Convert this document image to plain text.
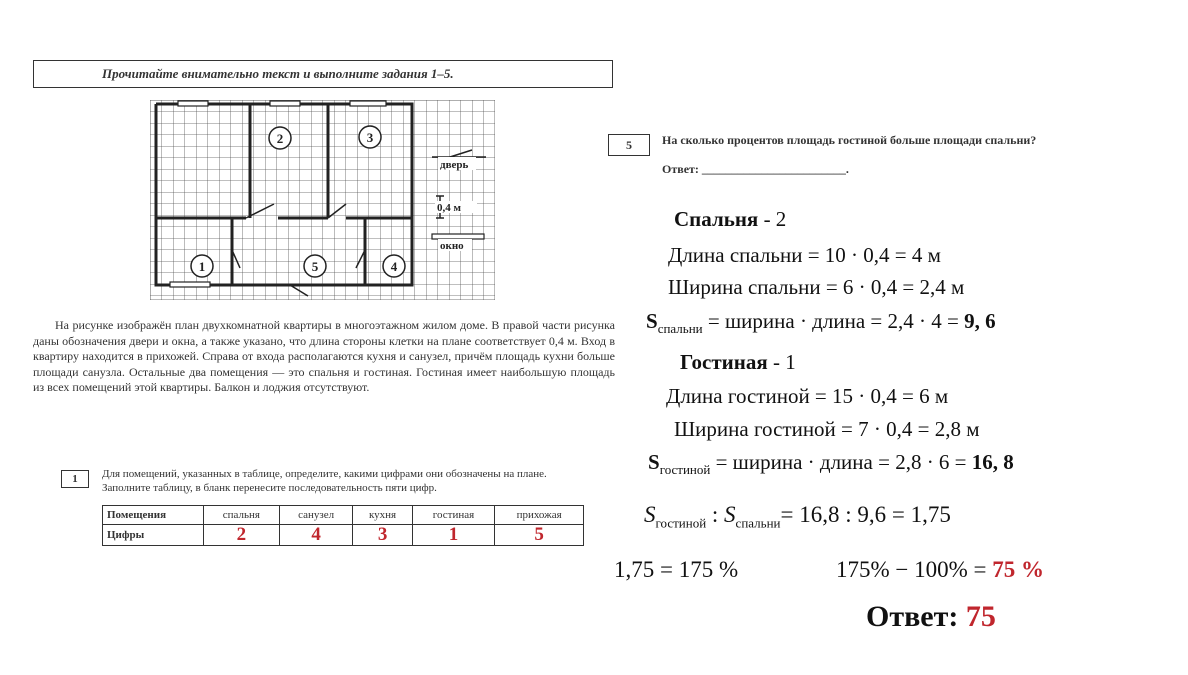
Прочитайте внимательно текст и выполните задания 1–5.
1
2	3
4
5
дверь
0,4 м
окно

На рисунке изображён план двухкомнатной квартиры в многоэтажном жилом доме. В правой части рисунка даны обозначения двери и окна, а также указано, что длина стороны клетки на плане соответствует 0,4 м. Вход в квартиру находится в прихожей. Справа от входа располагаются кухня и санузел, причём площадь кухни больше площади санузла. Остальные два помещения — это спальня и гостиная. Гостиная имеет наибольшую площадь из всех помещений этой квартиры. Балкон и лоджия отсутствуют.

1	Для помещений, указанных в таблице, определите, какими цифрами они обозначены на плане. Заполните таблицу, в бланк перенесите последовательность пяти цифр.
Помещения	спальня	санузел	кухня	гостиная	прихожая
Цифры	2	4	3	1	5
5	На сколько процентов площадь гостиной больше площади спальни?
Ответ: ________________________.
Спальня - 2
Длина спальни = 10 · 0,4 = 4 м
Ширина спальни = 6 · 0,4 = 2,4 м
$S_{спальни}$ = ширина · длина = 2,4 · 4 = 9, 6
Гостиная - 1
Длина гостиной = 15 · 0,4 = 6 м
Ширина гостиной = 7 · 0,4 = 2,8 м
$S_{гостиной}$ = ширина · длина = 2,8 · 6 = 16, 8
$S_{гостиной}$ : $S_{спальни}= 16,8$ : 9,6 = 1,75
1,75 = 175 %	175% − 100% = 75 %
Ответ: 75
